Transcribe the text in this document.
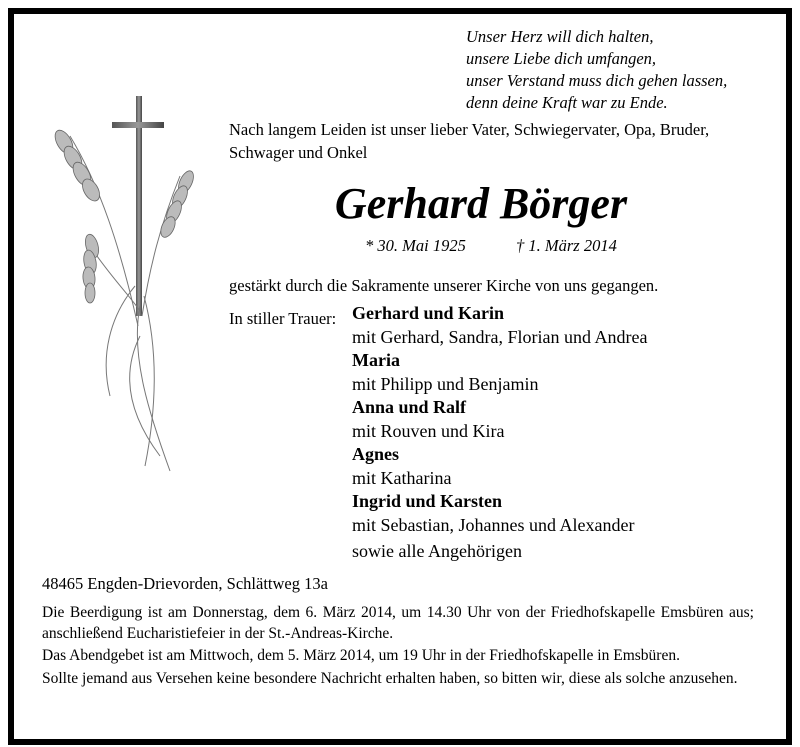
Unser Herz will dich halten,
unsere Liebe dich umfangen,
unser Verstand muss dich gehen lassen,
denn deine Kraft war zu Ende.
Nach langem Leiden ist unser lieber Vater, Schwiegervater, Opa, Bruder,
Schwager und Onkel
Gerhard Börger
* 30. Mai 1925	† 1. März 2014
gestärkt durch die Sakramente unserer Kirche von uns gegangen.
In stiller Trauer: Gerhard und Karin
mit Gerhard, Sandra, Florian und Andrea
Maria
mit Philipp und Benjamin
Anna und Ralf
mit Rouven und Kira
Agnes
mit Katharina
Ingrid und Karsten
mit Sebastian, Johannes und Alexander
sowie alle Angehörigen
48465 Engden-Drievorden, Schlättweg 13a

Die Beerdigung ist am Donnerstag, dem 6. März 2014, um 14.30 Uhr von der Friedhofskapelle Emsbüren aus; anschließend Eucharistiefeier in der St.-Andreas-Kirche.

Das Abendgebet ist am Mittwoch, dem 5. März 2014, um 19 Uhr in der Friedhofskapelle in Emsbüren.

Sollte jemand aus Versehen keine besondere Nachricht erhalten haben, so bitten wir, diese als solche anzusehen.
